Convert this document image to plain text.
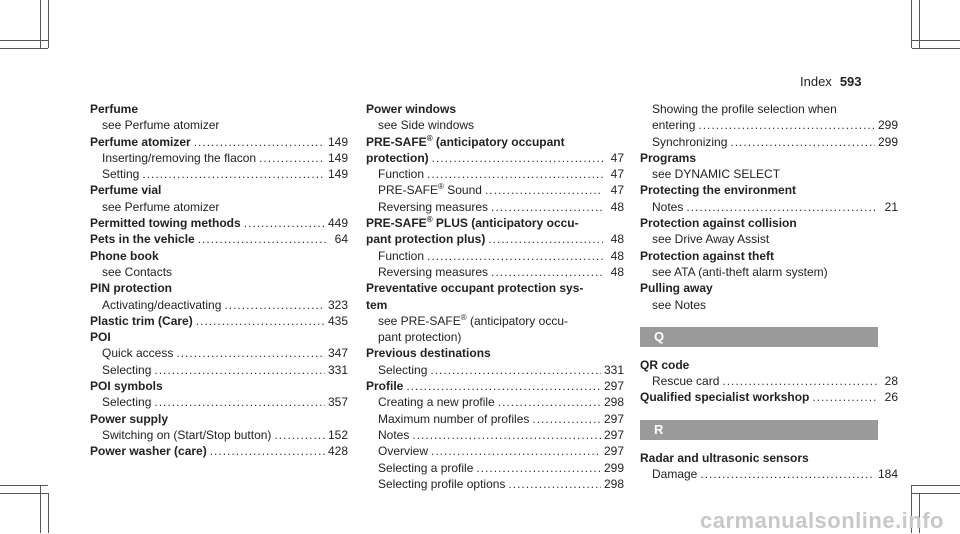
Index 593
Perfume
see Perfume atomizer
Perfume atomizer .....	149
Inserting/removing the flacon .....	149
Setting .....	149
Perfume vial
see Perfume atomizer
Permitted towing methods .....	449
Pets in the vehicle .....	64
Phone book
see Contacts
PIN protection
Activating/deactivating .....	323
Plastic trim (Care) .....	435
POI
Quick access .....	347
Selecting .....	331
POI symbols
Selecting .....	357
Power supply
Switching on (Start/Stop button) .....	152
Power washer (care) .....	428
Power windows
see Side windows
PRE-SAFE® (anticipatory occupant
protection) .....	47
Function .....	47
PRE-SAFE® Sound .....	47
Reversing measures .....	48
PRE-SAFE® PLUS (anticipatory occu-
pant protection plus) .....	48
Function .....	48
Reversing measures .....	48
Preventative occupant protection sys-
tem
see PRE-SAFE® (anticipatory occu-
pant protection)
Previous destinations
Selecting .....	331
Profile .....	297
Creating a new profile .....	298
Maximum number of profiles .....	297
Notes .....	297
Overview .....	297
Selecting a profile .....	299
Selecting profile options .....	298
Showing the profile selection when
entering .....	299
Synchronizing .....	299
Programs
see DYNAMIC SELECT
Protecting the environment
Notes .....	21
Protection against collision
see Drive Away Assist
Protection against theft
see ATA (anti-theft alarm system)
Pulling away
see Notes
Q
QR code
Rescue card .....	28
Qualified specialist workshop .....	26
R
Radar and ultrasonic sensors
Damage .....	184
carmanualsonline.info
